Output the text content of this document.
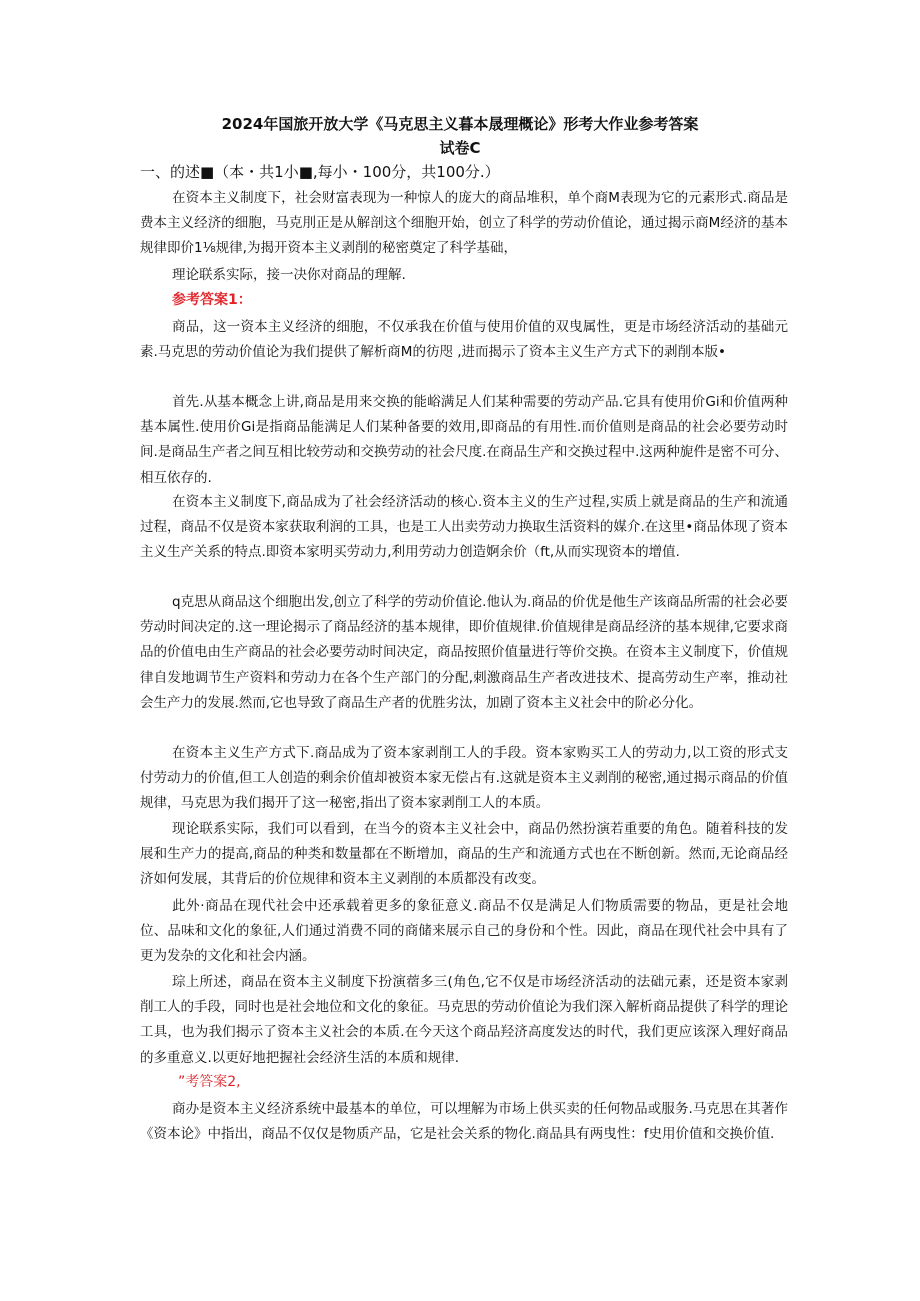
2024年国旅开放大学《马克思主义暮本晟理概论》形考大作业参考答案
试卷C
一、的述■（本・共1小■,每小・100分，共100分.）
在资本主义制度下，社会财富表现为一种惊人的庞大的商品堆积，单个商M表现为它的元素形式.商品是费本主义经济的细胞，马克刖正是从解剖这个细胞开始，创立了科学的劳动价值论，通过揭示商M经济的基本规律即价1⅛规律,为揭开资本主义剥削的秘密奠定了科学基础，
理论联系实际，接一决你对商品的理解.
参考答案1：
商品，这一资本主义经济的细胞，不仅承我在价值与使用价值的双曳属性，更是市场经济活动的基础元素.马克思的劳动价值论为我们提供了解析商M的彷咫 ,进而揭示了资本主义生产方式下的剥削本版•
首先.从基本概念上讲,商品是用来交换的能峪满足人们某种需要的劳动产品.它具有使用价Gi和价值两种基本属性.使用价Gi是指商品能满足人们某种备要的效用,即商品的有用性.而价值则是商品的社会必要劳动时间.是商品生产者之间互相比较劳动和交换劳动的社会尺度.在商品生产和交换过程中.这两种旎件是密不可分、相互依存的.
在资本主义制度下,商品成为了社会经济活动的核心.资本主义的生产过程,实质上就是商品的生产和流通过程，商品不仅是资本家获取利润的工具，也是工人出卖劳动力换取生活资料的媒介.在这里•商品体现了资本主义生产关系的特点.即资本家明买劳动力,利用劳动力创造婀余价（ft,从而实现资本的增值.
q克思从商品这个细胞出发,创立了科学的劳动价值论.他认为.商品的价优是他生产该商品所需的社会必要劳动时间决定的.这一理论揭示了商品经济的基本规律，即价值规律.价值规律是商品经济的基本规律,它要求商品的价值电由生产商品的社会必要劳动时间决定，商品按照价值量进行等价交换。在资本主义制度下，价值规律自发地调节生产资料和劳动力在各个生产部门的分配,刺激商品生产者改进技术、提高劳动生产率，推动社会生产力的发展.然而,它也导致了商品生产者的优胜劣汰，加剧了资本主义社会中的阶必分化。
在资本主义生产方式下.商品成为了资本家剥削工人的手段。资本家购买工人的劳动力,以工资的形式支付劳动力的价值,但工人创造的剩余价值却被资本家无偿占有.这就是资本主义剥削的秘密,通过揭示商品的价值规律，马克思为我们揭开了这一秘密,指出了资本家剥削工人的本质。
现论联系实际，我们可以看到，在当今的资本主义社会中，商品仍然扮演若重要的角色。随着科技的发展和生产力的提高,商品的种类和数量都在不断增加，商品的生产和流通方式也在不断创新。然而,无论商品经济如何发展，其背后的价位规律和资本主义剥削的本质都没有改变。
此外·商品在现代社会中还承载着更多的象征意义.商品不仅是满足人们物质需要的物品，更是社会地位、品味和文化的象征,人们通过消费不同的商储来展示自己的身份和个性。因此，商品在现代社会中具有了更为发杂的文化和社会内涵。
琮上所述，商品在资本主义制度下扮演蓿多三(角色,它不仅是市场经济活动的法础元素，还是资本家剥削工人的手段，同时也是社会地位和文化的象征。马克思的劳动价值论为我们深入解析商品提供了科学的理论工具，也为我们揭示了资本主义社会的本质.在今天这个商品羟济高度发达的时代，我们更应该深入理好商品的多重意义.以更好地把握社会经济生活的本质和规律.
”考答案2,
商办是资本主义经济系统中最基本的单位，可以埋解为市场上供买卖的任何物品或服务.马克思在其著作《资本论》中指出，商品不仅仅是物质产品，它是社会关系的物化.商品具有两曳性：f史用价值和交换价值.
